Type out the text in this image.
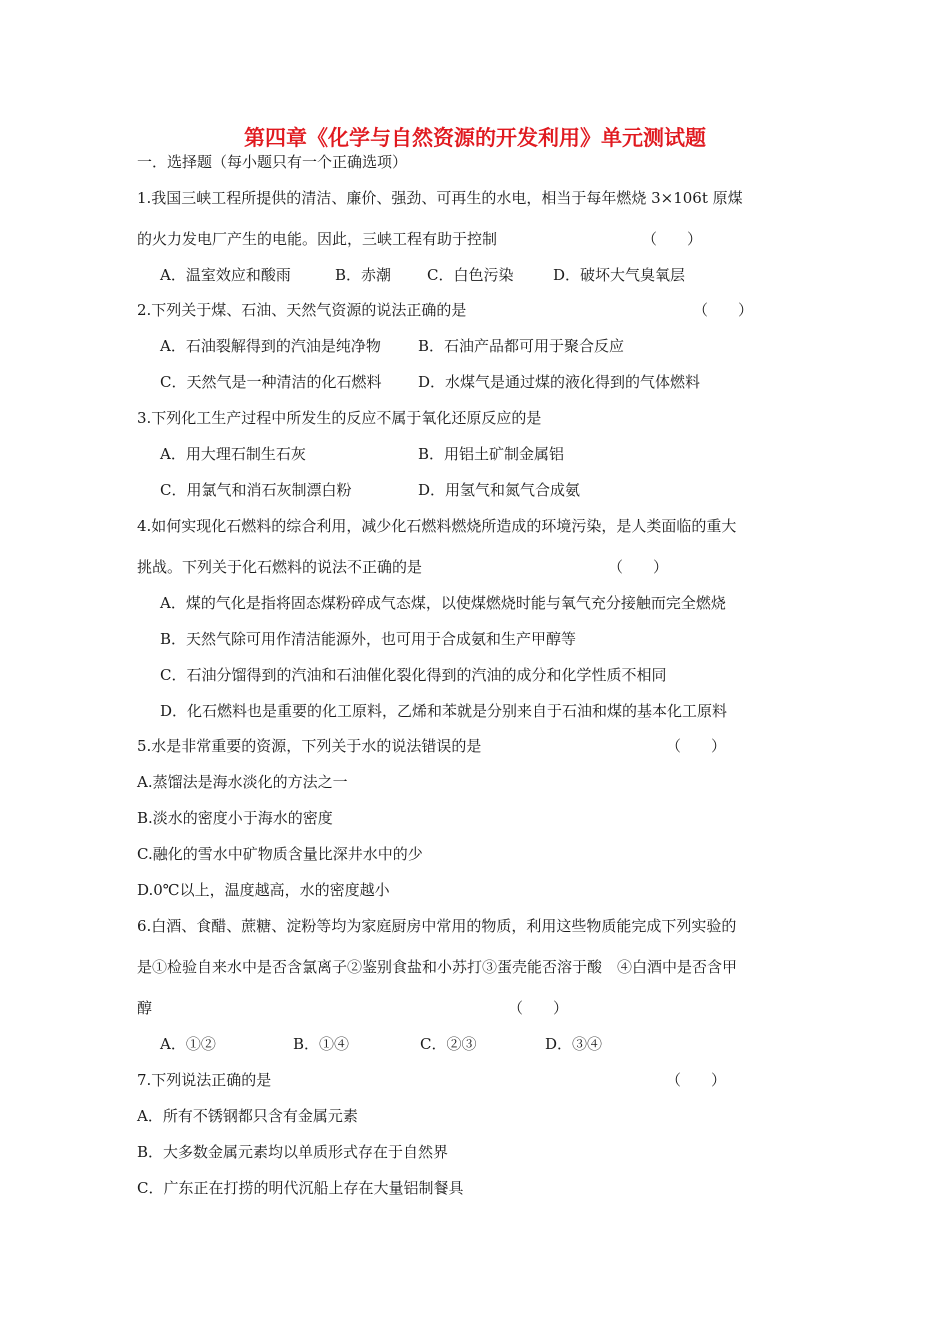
第四章《化学与自然资源的开发利用》单元测试题
一．选择题（每小题只有一个正确选项）
1.我国三峡工程所提供的清洁、廉价、强劲、可再生的水电，相当于每年燃烧 3×106t 原煤
的火力发电厂产生的电能。因此，三峡工程有助于控制	（　　）
A．温室效应和酸雨	B．赤潮 C．白色污染	D．破坏大气臭氧层
2.下列关于煤、石油、天然气资源的说法正确的是	（　　）
A．石油裂解得到的汽油是纯净物 B．石油产品都可用于聚合反应
C．天然气是一种清洁的化石燃料 D．水煤气是通过煤的液化得到的气体燃料
3.下列化工生产过程中所发生的反应不属于氧化还原反应的是
A．用大理石制生石灰	B．用铝土矿制金属铝
C．用氯气和消石灰制漂白粉	D．用氢气和氮气合成氨
4.如何实现化石燃料的综合利用，减少化石燃料燃烧所造成的环境污染，是人类面临的重大
挑战。下列关于化石燃料的说法不正确的是	（　　）
A．煤的气化是指将固态煤粉碎成气态煤，以使煤燃烧时能与氧气充分接触而完全燃烧
B．天然气除可用作清洁能源外，也可用于合成氨和生产甲醇等
C．石油分馏得到的汽油和石油催化裂化得到的汽油的成分和化学性质不相同
D．化石燃料也是重要的化工原料，乙烯和苯就是分别来自于石油和煤的基本化工原料
5.水是非常重要的资源，下列关于水的说法错误的是	（　　）
A.蒸馏法是海水淡化的方法之一
B.淡水的密度小于海水的密度
C.融化的雪水中矿物质含量比深井水中的少
D.0℃以上，温度越高，水的密度越小
6.白酒、食醋、蔗糖、淀粉等均为家庭厨房中常用的物质，利用这些物质能完成下列实验的
是①检验自来水中是否含氯离子②鉴别食盐和小苏打③蛋壳能否溶于酸　④白酒中是否含甲
醇	（　　）
A．①②	B．①④	C．②③	D．③④
7.下列说法正确的是	（　　）
A．所有不锈钢都只含有金属元素
B．大多数金属元素均以单质形式存在于自然界
C．广东正在打捞的明代沉船上存在大量铝制餐具
